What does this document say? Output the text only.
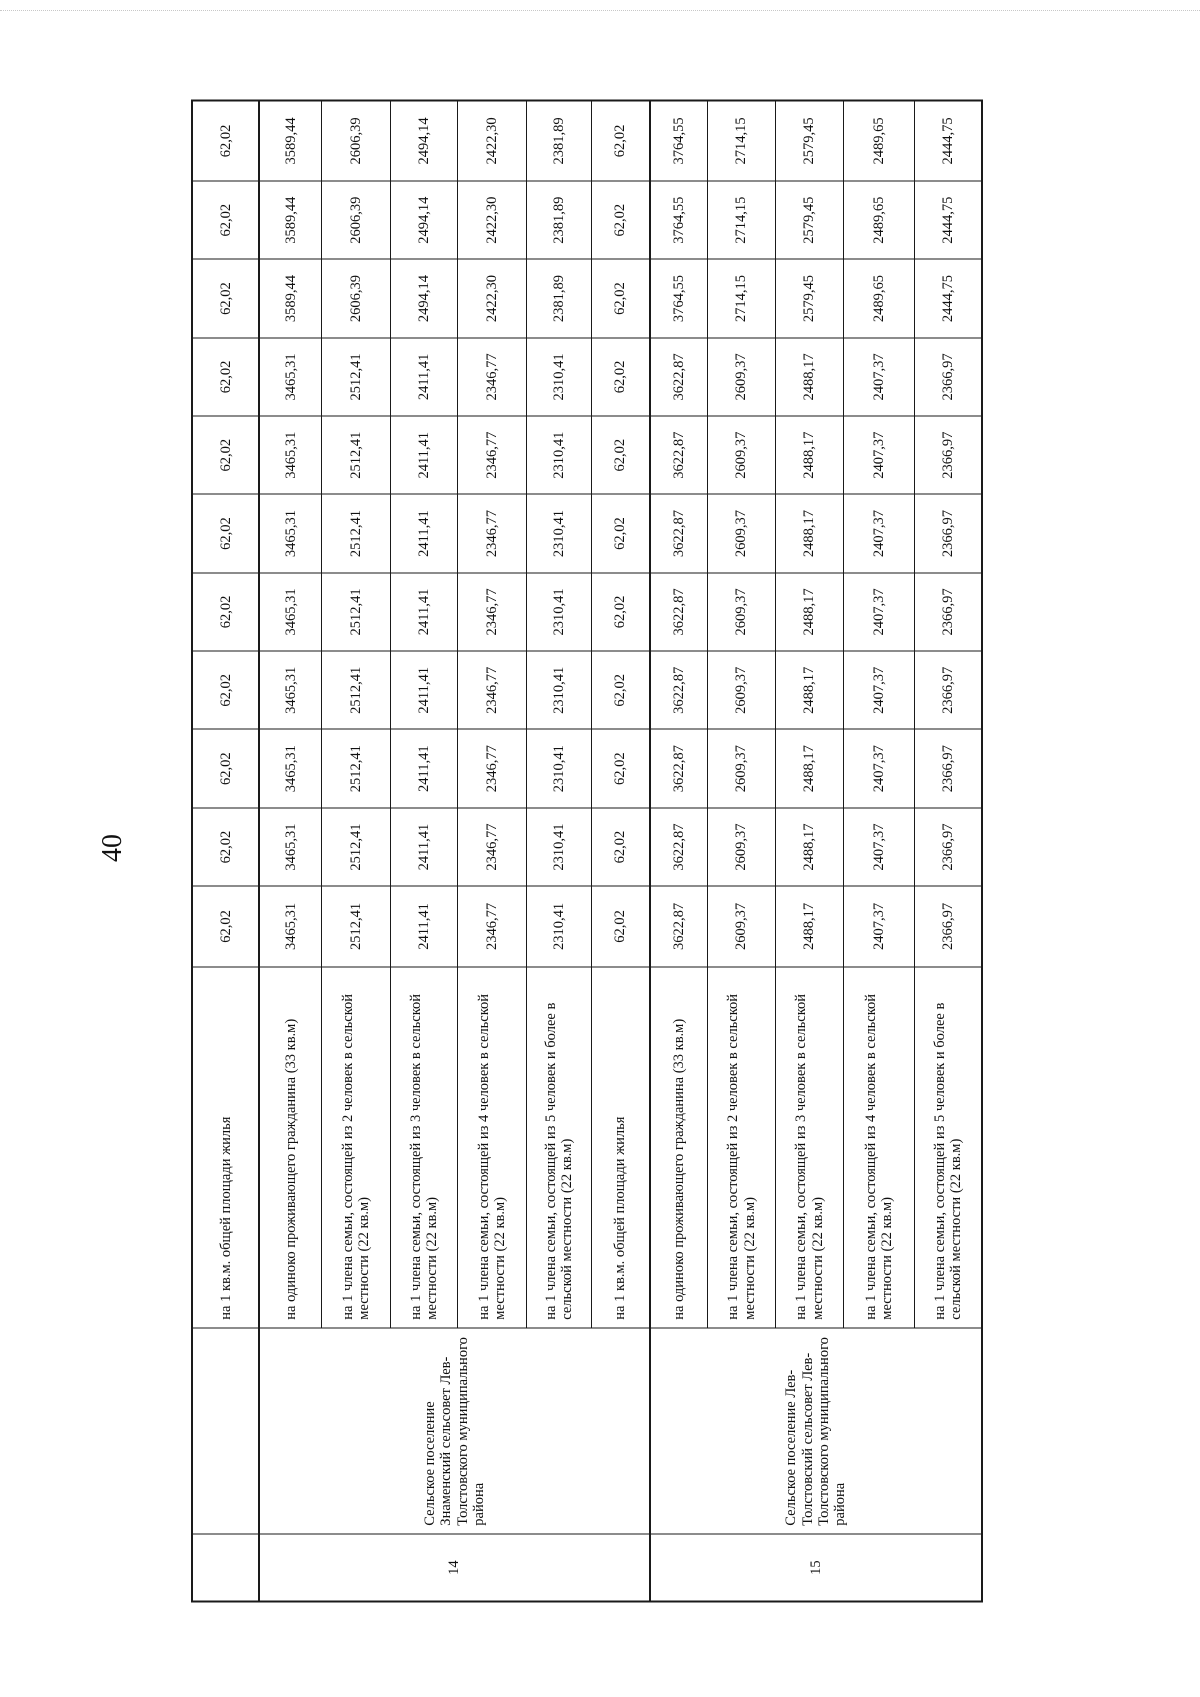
40
		на 1 кв.м. общей площади жилья	62,02	62,02	62,02	62,02	62,02	62,02	62,02	62,02	62,02	62,02	62,02
14	Сельское поселение Знаменский сельсовет Лев-Толстовского муниципального района	на одиноко проживающего гражданина (33 кв.м)	3465,31	3465,31	3465,31	3465,31	3465,31	3465,31	3465,31	3465,31	3589,44	3589,44	3589,44
		на 1 члена семьи, состоящей из 2 человек в сельской местности (22 кв.м)	2512,41	2512,41	2512,41	2512,41	2512,41	2512,41	2512,41	2512,41	2606,39	2606,39	2606,39
		на 1 члена семьи, состоящей из 3 человек в сельской местности (22 кв.м)	2411,41	2411,41	2411,41	2411,41	2411,41	2411,41	2411,41	2411,41	2494,14	2494,14	2494,14
		на 1 члена семьи, состоящей из 4 человек в сельской местности (22 кв.м)	2346,77	2346,77	2346,77	2346,77	2346,77	2346,77	2346,77	2346,77	2422,30	2422,30	2422,30
		на 1 члена семьи, состоящей из 5 человек и более в сельской местности (22 кв.м)	2310,41	2310,41	2310,41	2310,41	2310,41	2310,41	2310,41	2310,41	2381,89	2381,89	2381,89
		на 1 кв.м. общей площади жилья	62,02	62,02	62,02	62,02	62,02	62,02	62,02	62,02	62,02	62,02	62,02
15	Сельское поселение Лев-Толстовский сельсовет Лев-Толстовского муниципального района	на одиноко проживающего гражданина (33 кв.м)	3622,87	3622,87	3622,87	3622,87	3622,87	3622,87	3622,87	3622,87	3764,55	3764,55	3764,55
		на 1 члена семьи, состоящей из 2 человек в сельской местности (22 кв.м)	2609,37	2609,37	2609,37	2609,37	2609,37	2609,37	2609,37	2609,37	2714,15	2714,15	2714,15
		на 1 члена семьи, состоящей из 3 человек в сельской местности (22 кв.м)	2488,17	2488,17	2488,17	2488,17	2488,17	2488,17	2488,17	2488,17	2579,45	2579,45	2579,45
		на 1 члена семьи, состоящей из 4 человек в сельской местности (22 кв.м)	2407,37	2407,37	2407,37	2407,37	2407,37	2407,37	2407,37	2407,37	2489,65	2489,65	2489,65
		на 1 члена семьи, состоящей из 5 человек и более в сельской местности (22 кв.м)	2366,97	2366,97	2366,97	2366,97	2366,97	2366,97	2366,97	2366,97	2444,75	2444,75	2444,75
